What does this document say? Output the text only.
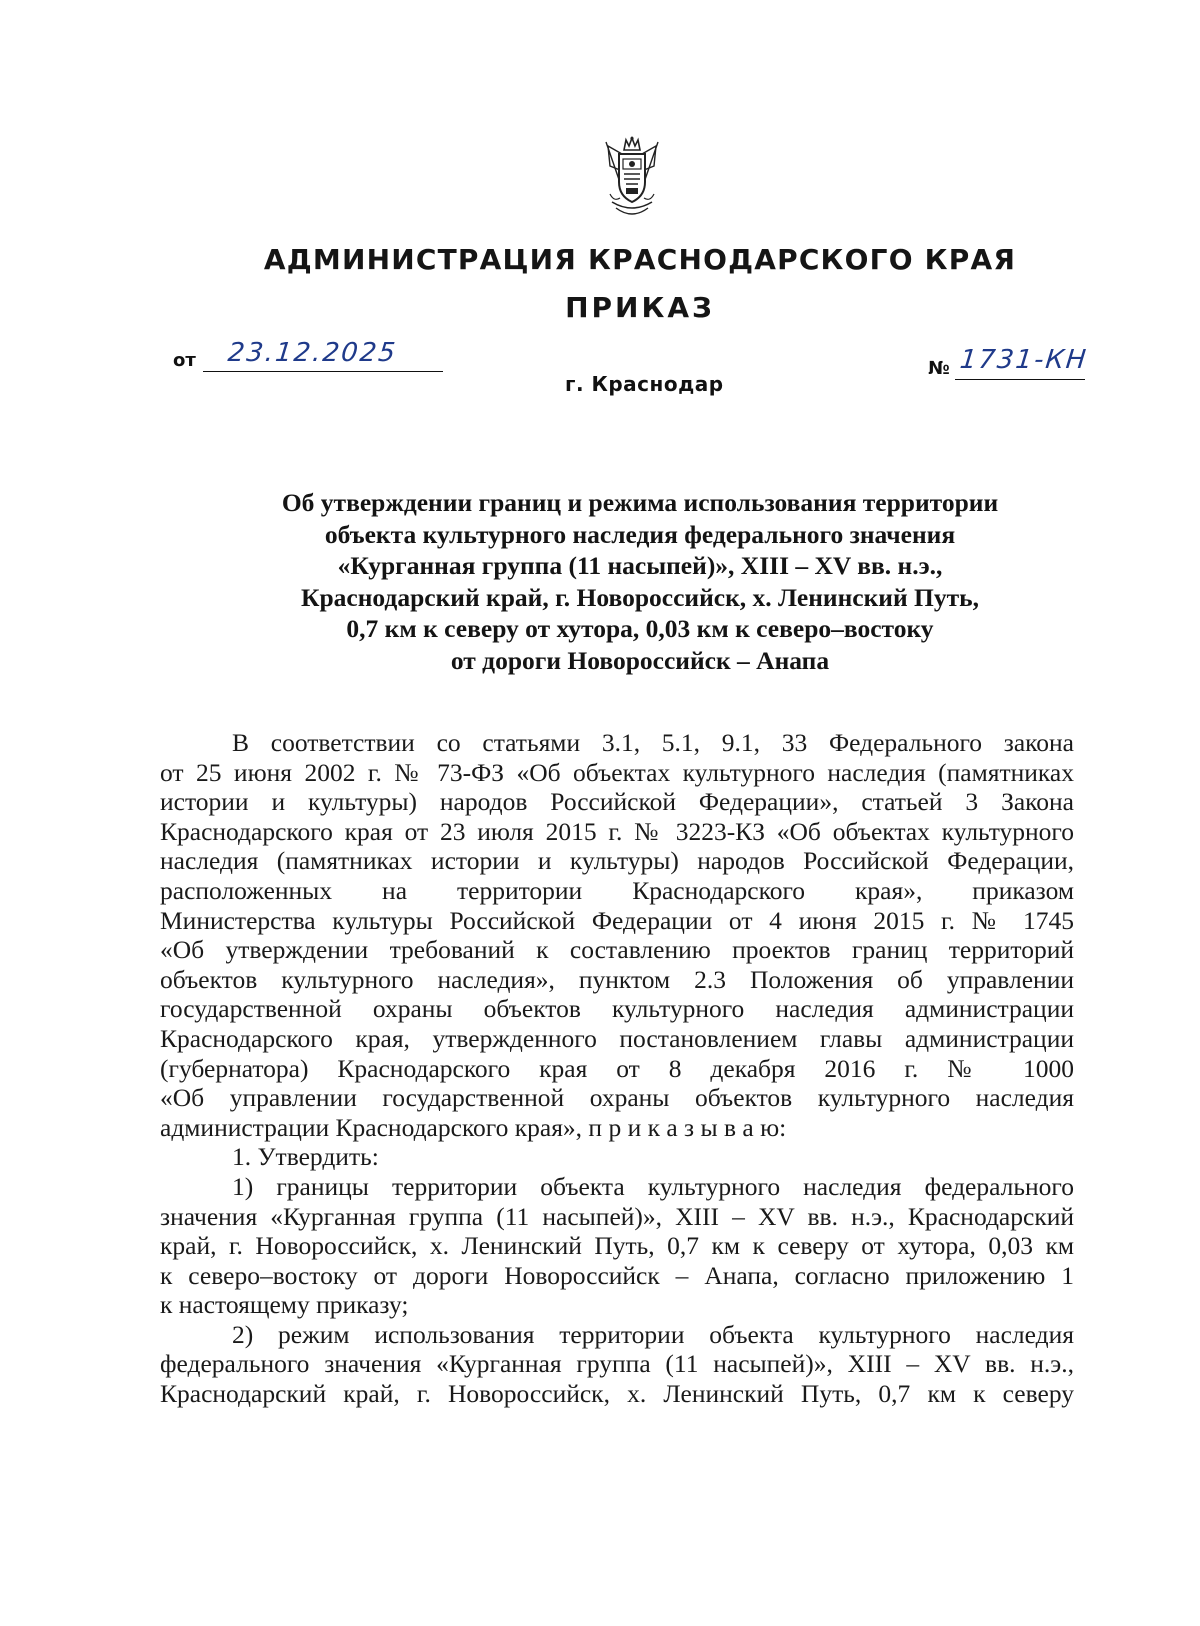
АДМИНИСТРАЦИЯ КРАСНОДАРСКОГО КРАЯ
ПРИКАЗ
от 23.12.2025
№ 1731-КН
г. Краснодар
Об утверждении границ и режима использования территории
объекта культурного наследия федерального значения
«Курганная группа (11 насыпей)», XIII – XV вв. н.э.,
Краснодарский край, г. Новороссийск, х. Ленинский Путь,
0,7 км к северу от хутора, 0,03 км к северо–востоку
от дороги Новороссийск – Анапа
В соответствии со статьями 3.1, 5.1, 9.1, 33 Федерального закона
от 25 июня 2002 г. № 73-ФЗ «Об объектах культурного наследия (памятниках
истории и культуры) народов Российской Федерации», статьей 3 Закона
Краснодарского края от 23 июля 2015 г. № 3223-КЗ «Об объектах культурного
наследия (памятниках истории и культуры) народов Российской Федерации,
расположенных на территории Краснодарского края», приказом
Министерства культуры Российской Федерации от 4 июня 2015 г. № 1745
«Об утверждении требований к составлению проектов границ территорий
объектов культурного наследия», пунктом 2.3 Положения об управлении
государственной охраны объектов культурного наследия администрации
Краснодарского края, утвержденного постановлением главы администрации
(губернатора) Краснодарского края от 8 декабря 2016 г. № 1000
«Об управлении государственной охраны объектов культурного наследия
администрации Краснодарского края», п р и к а з ы в а ю:
1. Утвердить:
1) границы территории объекта культурного наследия федерального
значения «Курганная группа (11 насыпей)», XIII – XV вв. н.э., Краснодарский
край, г. Новороссийск, х. Ленинский Путь, 0,7 км к северу от хутора, 0,03 км
к северо–востоку от дороги Новороссийск – Анапа, согласно приложению 1
к настоящему приказу;
2) режим использования территории объекта культурного наследия
федерального значения «Курганная группа (11 насыпей)», XIII – XV вв. н.э.,
Краснодарский край, г. Новороссийск, х. Ленинский Путь, 0,7 км к северу
